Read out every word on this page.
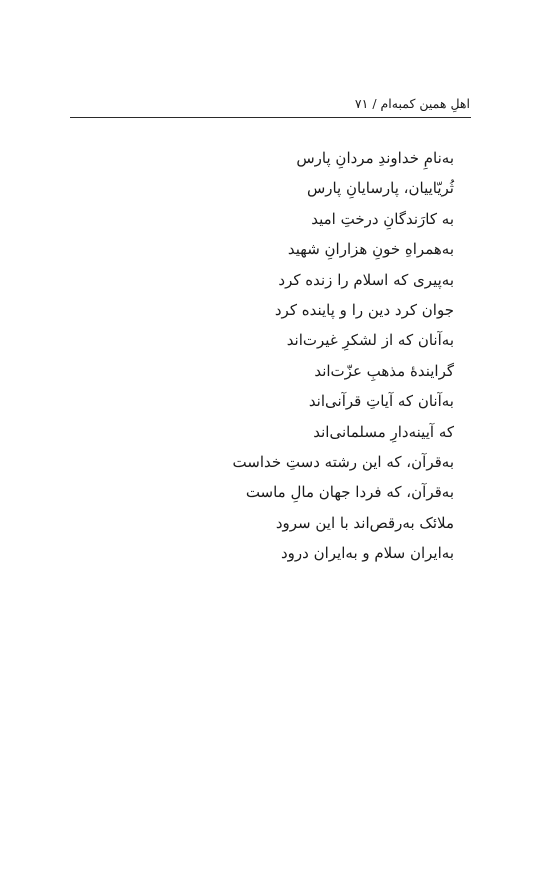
اهلِ همین کمبه‌ام / ۷۱
به‌نامِ خداوندِ مردانِ پارس
ثُریّاییان، پارسایانِ پارس
به کارَندگانِ درختِ امید
به‌همراهِ خونِ هزارانِ شهید
به‌پیری که اسلام را زنده کرد
جوان کرد دین را و پاینده کرد
به‌آنان که از لشکرِ غیرت‌اند
گرایندهٔ مذهبِ عزّت‌اند
به‌آنان که آیاتِ قرآنی‌اند
که آیینه‌دارِ مسلمانی‌اند
به‌قرآن، که این رشته دستِ خداست
به‌قرآن، که فردا جهان مالِ ماست
ملائک به‌رقص‌اند با این سرود
به‌ایران سلام و به‌ایران درود
